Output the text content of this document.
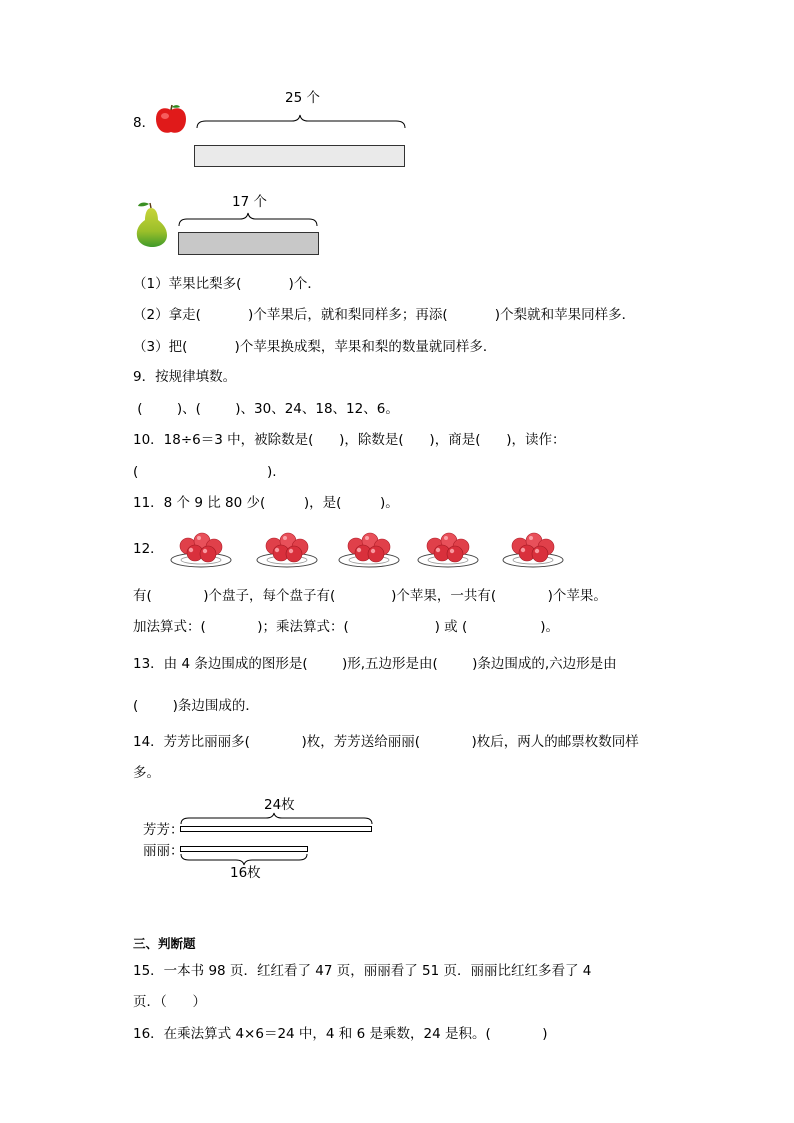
8．
25 个
17 个
（1）苹果比梨多(           )个．
（2）拿走(           )个苹果后，就和梨同样多；再添(           )个梨就和苹果同样多．
（3）把(           )个苹果换成梨，苹果和梨的数量就同样多．
9．按规律填数。
(        )、(        )、30、24、18、12、6。
10．18÷6＝3 中，被除数是(      )，除数是(      )，商是(      )，读作：
(                              ).
11．8 个 9 比 80 少(         )，是(         )。
12．
有(            )个盘子，每个盘子有(             )个苹果，一共有(            )个苹果。
加法算式：(            )；乘法算式：(                    ) 或 (                 )。
13．由 4 条边围成的图形是(        )形,五边形是由(        )条边围成的,六边形是由
(        )条边围成的．
14．芳芳比丽丽多(            )枚，芳芳送给丽丽(            )枚后，两人的邮票枚数同样
多。
24枚
芳芳：
丽丽：
16枚
三、判断题
15．一本书 98 页．红红看了 47 页，丽丽看了 51 页．丽丽比红红多看了 4
页．（      ）
16．在乘法算式 4×6＝24 中，4 和 6 是乘数，24 是积。(            )
